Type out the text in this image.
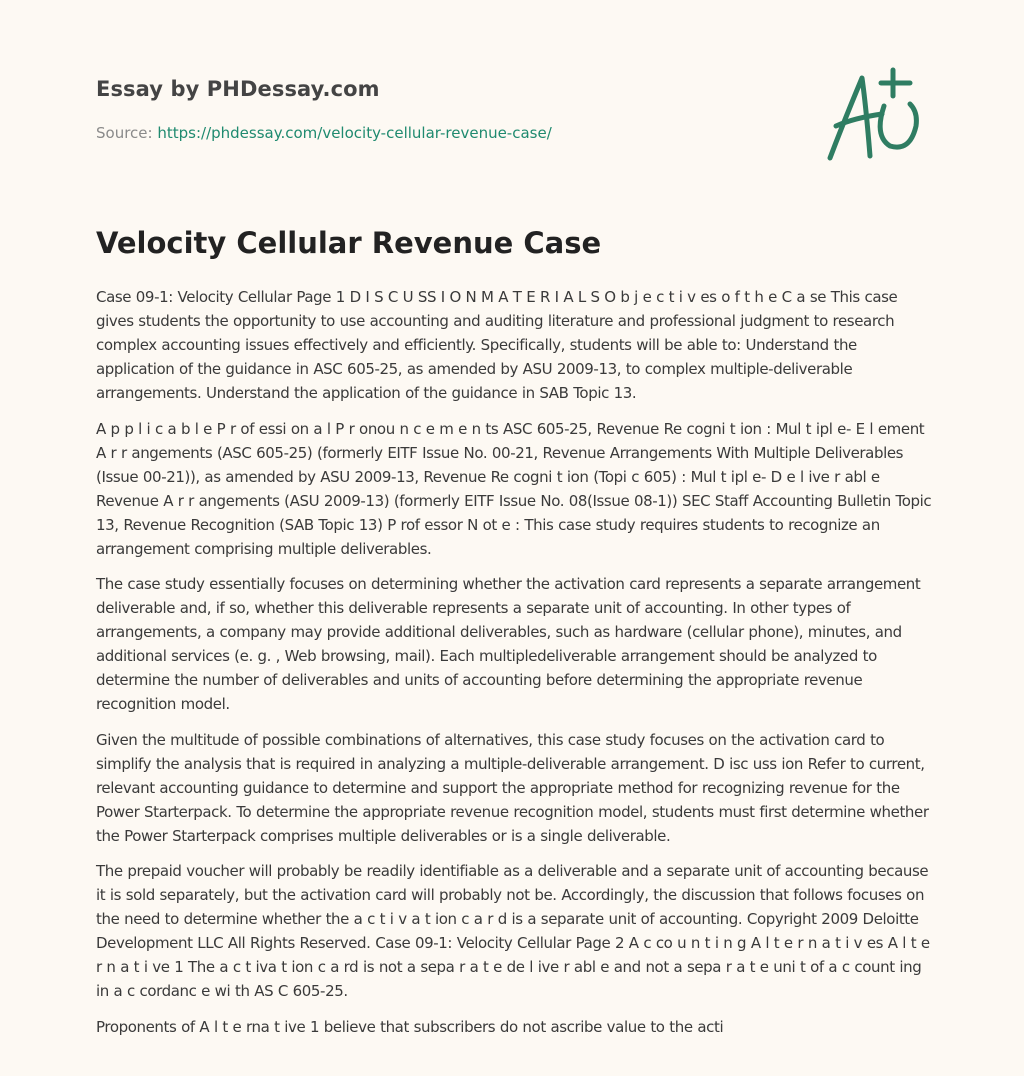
Essay by PHDessay.com
Source: https://phdessay.com/velocity-cellular-revenue-case/
Velocity Cellular Revenue Case

Case 09-1: Velocity Cellular Page 1 D I S C U SS I O N M A T E R I A L S O b j e c t i v es o f t h e C a se This case gives students the opportunity to use accounting and auditing literature and professional judgment to research complex accounting issues effectively and efficiently. Specifically, students will be able to: Understand the application of the guidance in ASC 605-25, as amended by ASU 2009-13, to complex multiple-deliverable arrangements. Understand the application of the guidance in SAB Topic 13.

A p p l i c a b l e P r of essi on a l P r onou n c e m e n ts ASC 605-25, Revenue Re cogni t ion : Mul t ipl e- E l ement A r r angements (ASC 605-25) (formerly EITF Issue No. 00-21, Revenue Arrangements With Multiple Deliverables (Issue 00-21)), as amended by ASU 2009-13, Revenue Re cogni t ion (Topi c 605) : Mul t ipl e- D e l ive r abl e Revenue A r r angements (ASU 2009-13) (formerly EITF Issue No. 08(Issue 08-1)) SEC Staff Accounting Bulletin Topic 13, Revenue Recognition (SAB Topic 13) P rof essor N ot e : This case study requires students to recognize an arrangement comprising multiple deliverables.

The case study essentially focuses on determining whether the activation card represents a separate arrangement deliverable and, if so, whether this deliverable represents a separate unit of accounting. In other types of arrangements, a company may provide additional deliverables, such as hardware (cellular phone), minutes, and additional services (e. g. , Web browsing, mail). Each multipledeliverable arrangement should be analyzed to determine the number of deliverables and units of accounting before determining the appropriate revenue recognition model.

Given the multitude of possible combinations of alternatives, this case study focuses on the activation card to simplify the analysis that is required in analyzing a multiple-deliverable arrangement. D isc uss ion Refer to current, relevant accounting guidance to determine and support the appropriate method for recognizing revenue for the Power Starterpack. To determine the appropriate revenue recognition model, students must first determine whether the Power Starterpack comprises multiple deliverables or is a single deliverable.

The prepaid voucher will probably be readily identifiable as a deliverable and a separate unit of accounting because it is sold separately, but the activation card will probably not be. Accordingly, the discussion that follows focuses on the need to determine whether the a c t i v a t ion c a r d is a separate unit of accounting. Copyright 2009 Deloitte Development LLC All Rights Reserved. Case 09-1: Velocity Cellular Page 2 A c co u n t i n g A l t e r n a t i v es A l t e r n a t i ve 1 The a c t iva t ion c a rd is not a sepa r a t e de l ive r abl e and not a sepa r a t e uni t of a c count ing in a c cordanc e wi th AS C 605-25.

Proponents of A l t e rna t ive 1 believe that subscribers do not ascribe value to the acti
